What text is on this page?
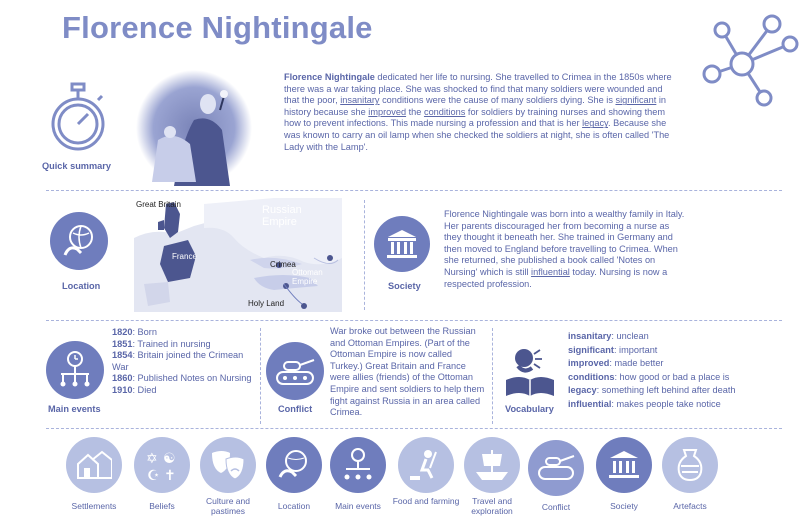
Florence Nightingale
Quick summary
Florence Nightingale dedicated her life to nursing. She travelled to Crimea in the 1850s where there was a war taking place. She was shocked to find that many soldiers were wounded and that the poor, insanitary conditions were the cause of many soldiers dying. She is significant in history because she improved the conditions for soldiers by training nurses and showing them how to prevent infections. This made nursing a profession and that is her legacy. Because she was known to carry an oil lamp when she checked the soldiers at night, she is often called 'The Lady with the Lamp'.
Location
Great Britain	Russian Empire
France
Crimea
Ottoman Empire
Holy Land
Society
Florence Nightingale was born into a wealthy family in Italy. Her parents discouraged her from becoming a nurse as they thought it beneath her. She trained in Germany and then moved to England before travelling to Crimea. When she returned, she published a book called 'Notes on Nursing' which is still influential today. Nursing is now a respected profession.
Main events
1820: Born
1851: Trained in nursing
1854: Britain joined the Crimean War
1860: Published Notes on Nursing
1910: Died
Conflict
War broke out between the Russian and Ottoman Empires. (Part of the Ottoman Empire is now called Turkey.) Great Britain and France were allies (friends) of the Ottoman Empire and sent soldiers to help them fight against Russia in an area called Crimea.	Vocabulary
insanitary: unclean
significant: important
improved: made better
conditions: how good or bad a place is
legacy: something left behind after death
influential: makes people take notice
Settlements
✡ ☯
☪ ✝
Beliefs	Culture and pastimes	Location	Main events	Food and farming	Travel and exploration	Conflict	Society	Artefacts
